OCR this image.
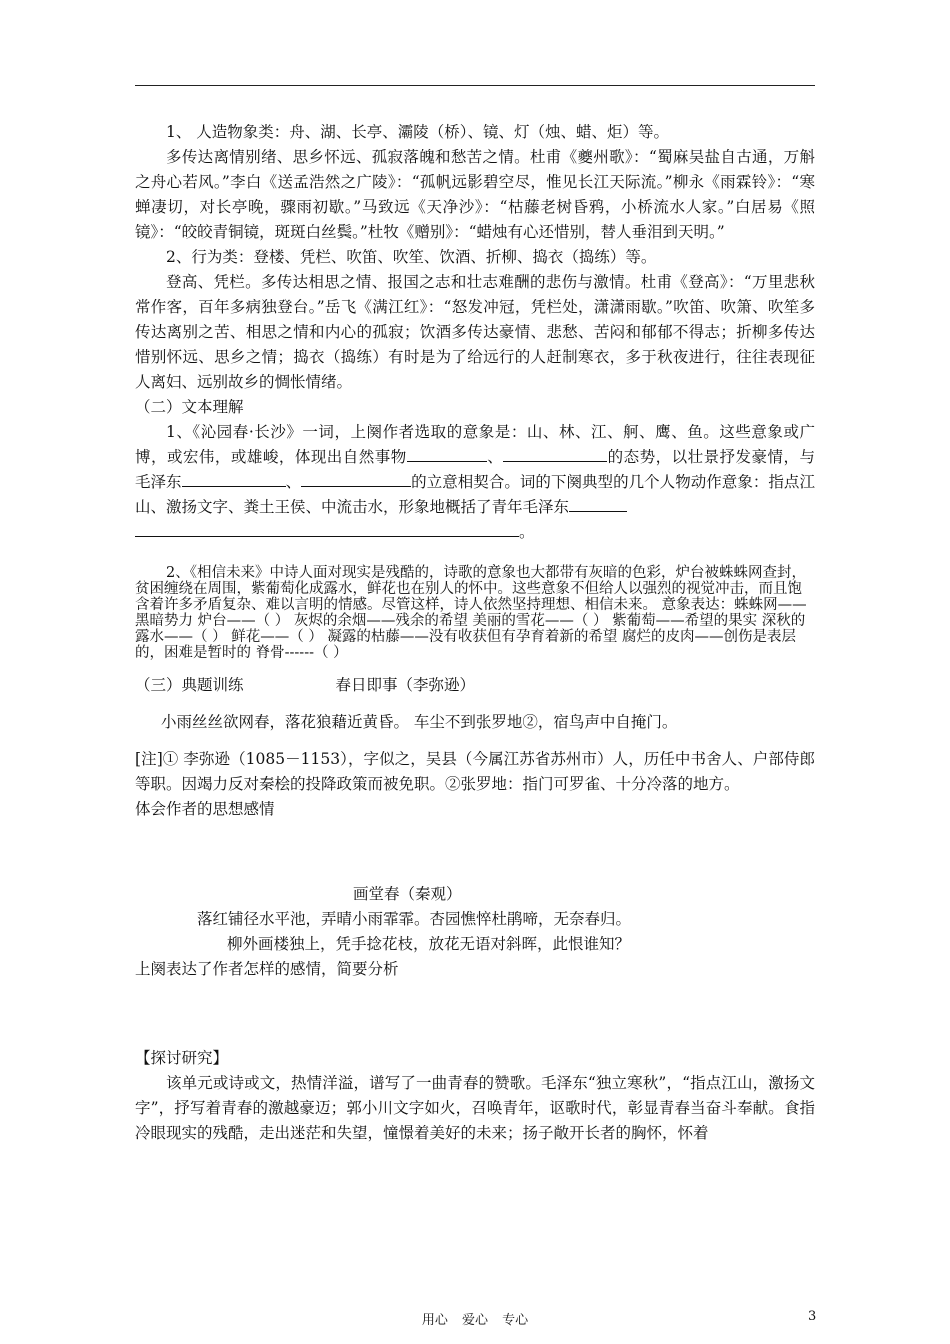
1、 人造物象类：舟、湖、长亭、灞陵（桥）、镜、灯（烛、蜡、炬）等。

多传达离情别绪、思乡怀远、孤寂落魄和愁苦之情。杜甫《夔州歌》：“蜀麻吴盐自古通，万斛之舟心若风。”李白《送孟浩然之广陵》：“孤帆远影碧空尽，惟见长江天际流。”柳永《雨霖铃》：“寒蝉凄切，对长亭晚，骤雨初歇。”马致远《天净沙》：“枯藤老树昏鸦，小桥流水人家。”白居易《照镜》：“皎皎青铜镜，斑斑白丝鬓。”杜牧《赠别》：“蜡烛有心还惜别，替人垂泪到天明。”

2、行为类：登楼、凭栏、吹笛、吹笙、饮酒、折柳、捣衣（捣练）等。

登高、凭栏。多传达相思之情、报国之志和壮志难酬的悲伤与激情。杜甫《登高》：“万里悲秋常作客，百年多病独登台。”岳飞《满江红》：“怒发冲冠，凭栏处，潇潇雨歇。”吹笛、吹箫、吹笙多传达离别之苦、相思之情和内心的孤寂；饮酒多传达豪情、悲愁、苦闷和郁郁不得志；折柳多传达惜别怀远、思乡之情；捣衣（捣练）有时是为了给远行的人赶制寒衣，多于秋夜进行，往往表现征人离妇、远别故乡的惆怅情绪。

（二）文本理解

1、《沁园春·长沙》一词，上阕作者选取的意象是：山、林、江、舸、鹰、鱼。这些意象或广博，或宏伟，或雄峻，体现出自然事物	、	的态势，以壮景抒发豪情，与毛泽东	、	的立意相契合。词的下阕典型的几个人物动作意象：指点江山、激扬文字、粪土王侯、中流击水，形象地概括了青年毛泽东
。

2、《相信未来》中诗人面对现实是残酷的，诗歌的意象也大都带有灰暗的色彩，炉台被蛛蛛网查封，贫困缠绕在周围，紫葡萄化成露水，鲜花也在别人的怀中。这些意象不但给人以强烈的视觉冲击，而且饱含着许多矛盾复杂、难以言明的情感。尽管这样，诗人依然坚持理想、相信未来。 意象表达：蛛蛛网——黑暗势力 炉台——（ ） 灰烬的余烟——残余的希望 美丽的雪花——（ ） 紫葡萄——希望的果实 深秋的露水——（ ） 鲜花——（ ） 凝露的枯藤——没有收获但有孕育着新的希望 腐烂的皮肉——创伤是表层的，困难是暂时的 脊骨------（ ）

（三）典题训练	春日即事（李弥逊）

小雨丝丝欲网春，落花狼藉近黄昏。 车尘不到张罗地②，宿鸟声中自掩门。

[注]① 李弥逊（1085－1153），字似之，吴县（今属江苏省苏州市）人，历任中书舍人、户部侍郎等职。因竭力反对秦桧的投降政策而被免职。②张罗地：指门可罗雀、十分冷落的地方。

体会作者的思想感情

画堂春（秦观）

落红铺径水平池，弄晴小雨霏霏。杏园憔悴杜鹃啼，无奈春归。

柳外画楼独上，凭手捻花枝，放花无语对斜晖，此恨谁知？

上阕表达了作者怎样的感情，简要分析

【探讨研究】

该单元或诗或文，热情洋溢，谱写了一曲青春的赞歌。毛泽东“独立寒秋”，“指点江山，激扬文字”，抒写着青春的激越豪迈；郭小川文字如火，召唤青年，讴歌时代，彰显青春当奋斗奉献。食指冷眼现实的残酷，走出迷茫和失望，憧憬着美好的未来；扬子敞开长者的胸怀，怀着

用心 爱心 专心	3
